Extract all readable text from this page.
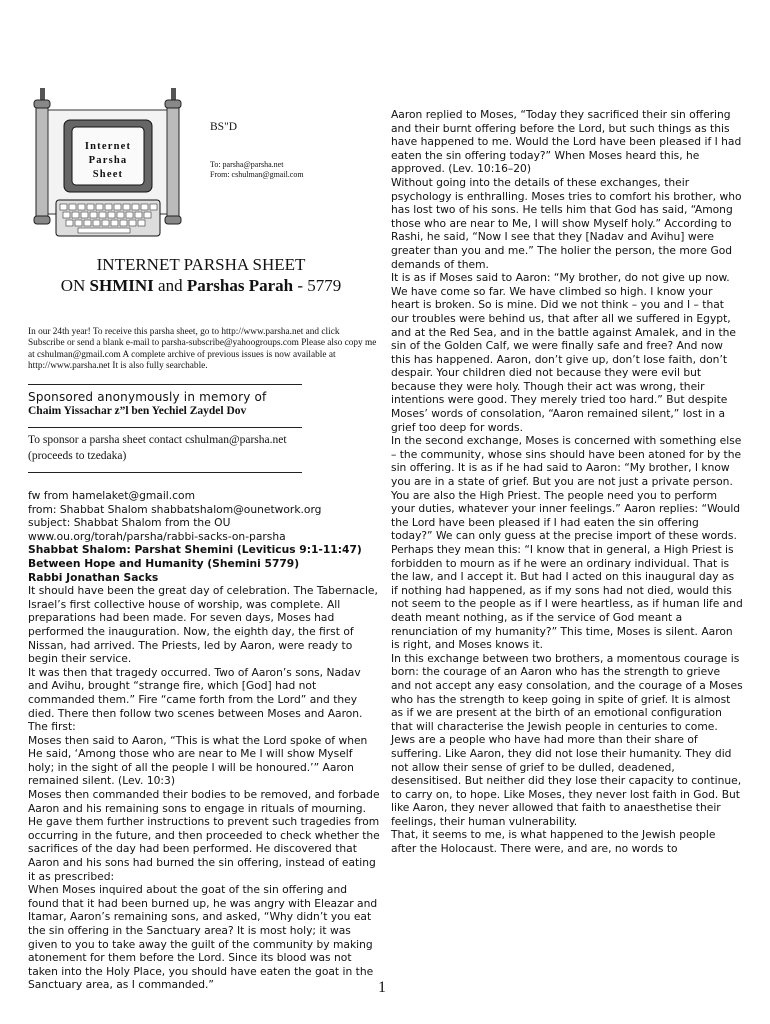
Internet
Parsha
Sheet
BS"D
To: parsha@parsha.net
From: cshulman@gmail.com
INTERNET PARSHA SHEET
ON SHMINI and Parshas Parah - 5779
In our 24th year! To receive this parsha sheet, go to http://www.parsha.net and click Subscribe or send a blank e-mail to parsha-subscribe@yahoogroups.com Please also copy me at cshulman@gmail.com A complete archive of previous issues is now available at http://www.parsha.net It is also fully searchable.
Sponsored anonymously in memory of
Chaim Yissachar z”l ben Yechiel Zaydel Dov
To sponsor a parsha sheet contact cshulman@parsha.net
(proceeds to tzedaka)

fw from hamelaket@gmail.com

from: Shabbat Shalom shabbatshalom@ounetwork.org

subject: Shabbat Shalom from the OU

www.ou.org/torah/parsha/rabbi-sacks-on-parsha

Shabbat Shalom: Parshat Shemini (Leviticus 9:1-11:47)

Between Hope and Humanity (Shemini 5779)

Rabbi Jonathan Sacks

It should have been the great day of celebration. The Tabernacle, Israel’s first collective house of worship, was complete. All preparations had been made. For seven days, Moses had performed the inauguration. Now, the eighth day, the first of Nissan, had arrived. The Priests, led by Aaron, were ready to begin their service.

It was then that tragedy occurred. Two of Aaron’s sons, Nadav and Avihu, brought “strange fire, which [God] had not commanded them.” Fire “came forth from the Lord” and they died. There then follow two scenes between Moses and Aaron. The first:

Moses then said to Aaron, “This is what the Lord spoke of when He said, ‘Among those who are near to Me I will show Myself holy; in the sight of all the people I will be honoured.’” Aaron remained silent. (Lev. 10:3)

Moses then commanded their bodies to be removed, and forbade Aaron and his remaining sons to engage in rituals of mourning. He gave them further instructions to prevent such tragedies from occurring in the future, and then proceeded to check whether the sacrifices of the day had been performed. He discovered that Aaron and his sons had burned the sin offering, instead of eating it as prescribed:

When Moses inquired about the goat of the sin offering and found that it had been burned up, he was angry with Eleazar and Itamar, Aaron’s remaining sons, and asked, “Why didn’t you eat the sin offering in the Sanctuary area? It is most holy; it was given to you to take away the guilt of the community by making atonement for them before the Lord. Since its blood was not taken into the Holy Place, you should have eaten the goat in the Sanctuary area, as I commanded.”

Aaron replied to Moses, “Today they sacrificed their sin offering and their burnt offering before the Lord, but such things as this have happened to me. Would the Lord have been pleased if I had eaten the sin offering today?” When Moses heard this, he approved. (Lev. 10:16–20)

Without going into the details of these exchanges, their psychology is enthralling. Moses tries to comfort his brother, who has lost two of his sons. He tells him that God has said, “Among those who are near to Me, I will show Myself holy.” According to Rashi, he said, “Now I see that they [Nadav and Avihu] were greater than you and me.” The holier the person, the more God demands of them.

It is as if Moses said to Aaron: “My brother, do not give up now. We have come so far. We have climbed so high. I know your heart is broken. So is mine. Did we not think – you and I – that our troubles were behind us, that after all we suffered in Egypt, and at the Red Sea, and in the battle against Amalek, and in the sin of the Golden Calf, we were finally safe and free? And now this has happened. Aaron, don’t give up, don’t lose faith, don’t despair. Your children died not because they were evil but because they were holy. Though their act was wrong, their intentions were good. They merely tried too hard.” But despite Moses’ words of consolation, “Aaron remained silent,” lost in a grief too deep for words.

In the second exchange, Moses is concerned with something else – the community, whose sins should have been atoned for by the sin offering. It is as if he had said to Aaron: “My brother, I know you are in a state of grief. But you are not just a private person. You are also the High Priest. The people need you to perform your duties, whatever your inner feelings.” Aaron replies: “Would the Lord have been pleased if I had eaten the sin offering today?” We can only guess at the precise import of these words. Perhaps they mean this: “I know that in general, a High Priest is forbidden to mourn as if he were an ordinary individual. That is the law, and I accept it. But had I acted on this inaugural day as if nothing had happened, as if my sons had not died, would this not seem to the people as if I were heartless, as if human life and death meant nothing, as if the service of God meant a renunciation of my humanity?” This time, Moses is silent. Aaron is right, and Moses knows it.

In this exchange between two brothers, a momentous courage is born: the courage of an Aaron who has the strength to grieve and not accept any easy consolation, and the courage of a Moses who has the strength to keep going in spite of grief. It is almost as if we are present at the birth of an emotional configuration that will characterise the Jewish people in centuries to come. Jews are a people who have had more than their share of suffering. Like Aaron, they did not lose their humanity. They did not allow their sense of grief to be dulled, deadened, desensitised. But neither did they lose their capacity to continue, to carry on, to hope. Like Moses, they never lost faith in God. But like Aaron, they never allowed that faith to anaesthetise their feelings, their human vulnerability.

That, it seems to me, is what happened to the Jewish people after the Holocaust. There were, and are, no words to

1
